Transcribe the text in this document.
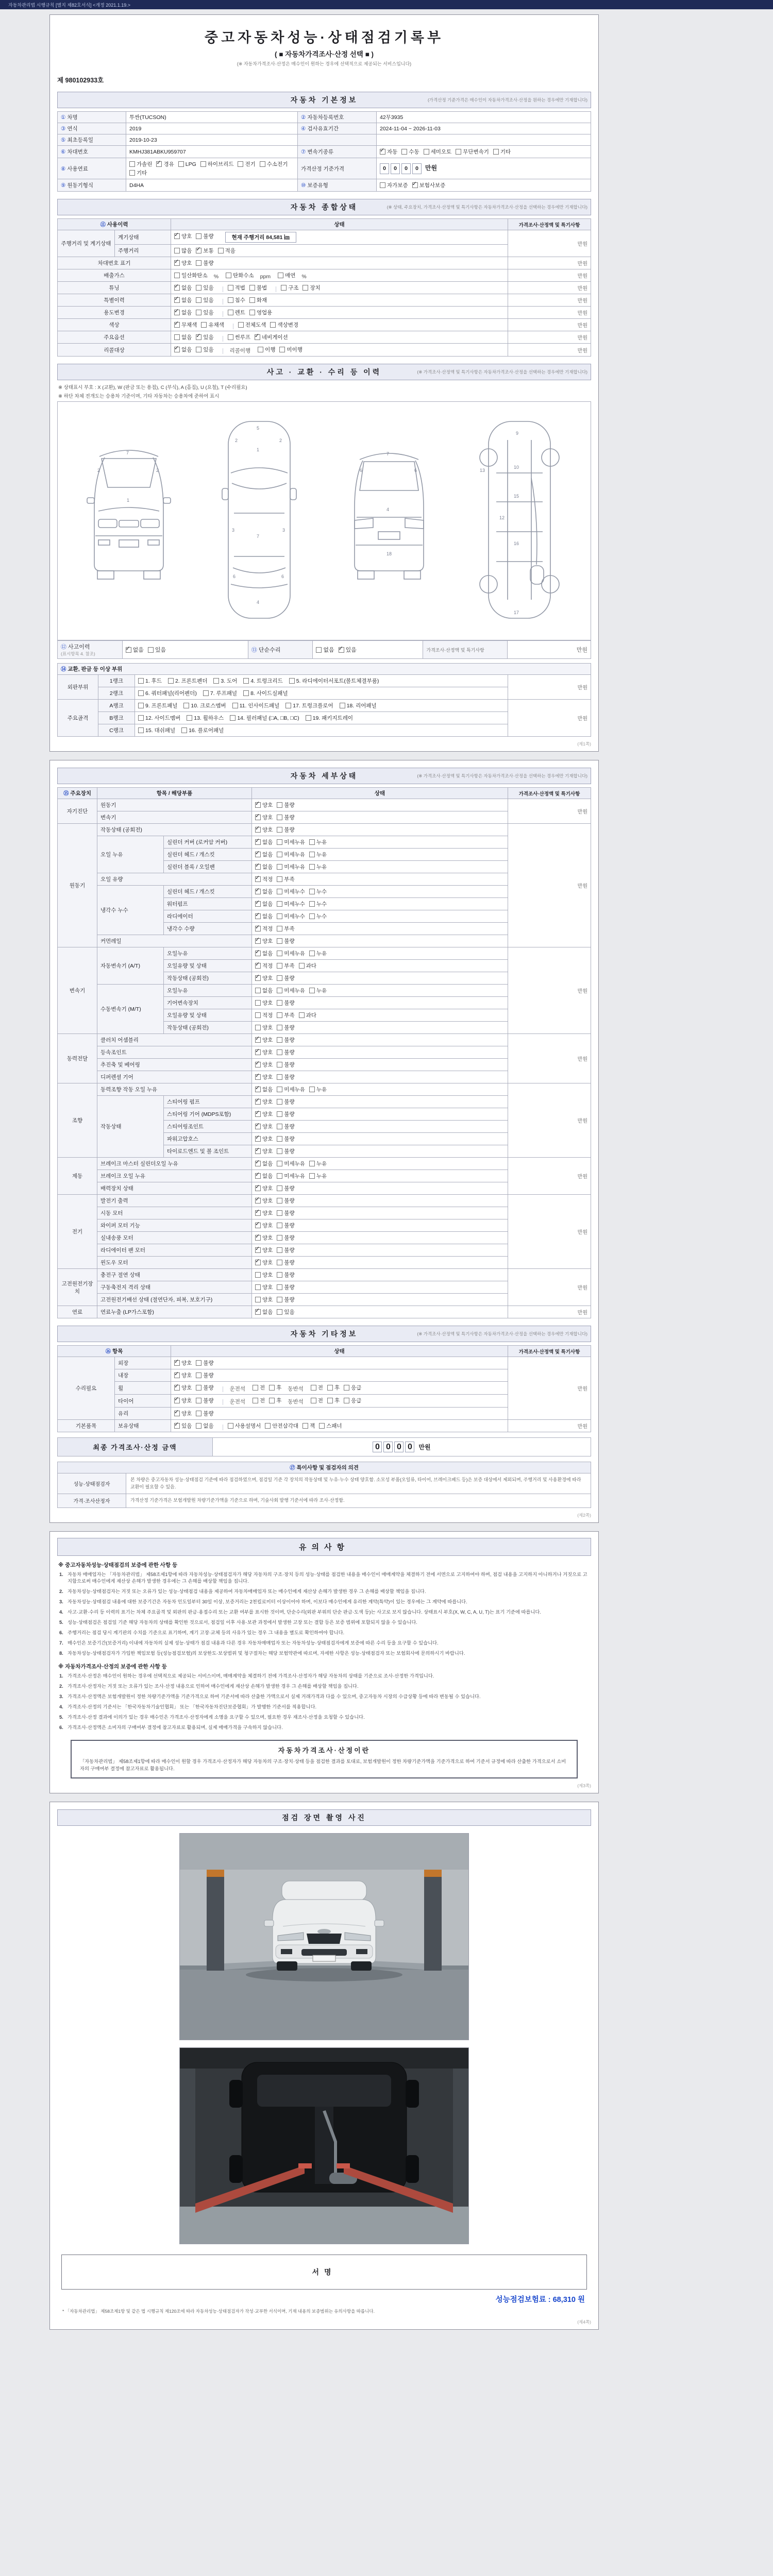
자동차관리법 시행규칙 [별지 제82호서식] <개정 2021.1.19.>
중고자동차성능·상태점검기록부
( ■ 자동차가격조사·산정 선택 ■ )
(※ 자동차가격조사·산정은 매수인이 원하는 경우에 선택적으로 제공되는 서비스입니다)
제 980102933호
자동차 기본정보	(가격산정 기준가격은 매수인이 자동차가격조사·산정을 원하는 경우에만 기재합니다)
① 차명	투싼(TUCSON)	② 자동차등록번호	42무3935
③ 연식	2019	④ 검사유효기간	2024-11-04 ~ 2026-11-03
⑤ 최초등록일	2019-10-23		
⑥ 차대번호	KMHJ381ABKU959707	⑦ 변속기종류	
✓자동 수동 세미오토 무단변속기 기타

⑧ 사용연료	
가솔린 ✓ 경유 LPG 하이브리드 전기 수소전기
기타
	가격산정 기준가격	0	0	0	0	만원
⑨ 원동기형식	D4HA	⑩ 보증유형	자가보증 ✓ 보험사보증
자동차 종합상태	(※ 상태, 주요장치, 가격조사·산정액 및 특기사항은 자동차가격조사·산정을 선택하는 경우에만 기재합니다)
⑪ 사용이력		상태	가격조사·산정액 및 특기사항
주행거리 및 계기상태	계기상태	
✓양호 불량 현재 주행거리 84,581 ㎞	만원
	주행거리	많음 ✓ 보통 적음

차대번호 표기	
✓양호 불량	만원
배출가스	일산화탄소 %	탄화수소 ppm	매연 %	만원
튜닝	
✓없음 있음	적법 불법	구조 장치	만원
특별이력	
✓없음 있음 침수 화재	만원
용도변경	
✓없음 있음 렌트 영업용	만원
색상	
✓무채색 유채색 전체도색 색상변경	만원
주요옵션		없음 ✓ 있음 썬루프 ✓ 네비게이션	만원
리콜대상	
✓없음 있음 리콜이행 이행 미이행	만원
사고 · 교환 · 수리 등 이력	(※ 가격조사·산정액 및 특기사항은 자동차가격조사·산정을 선택하는 경우에만 기재합니다)
※ 상태표시 부호 : X (교환), W (판금 또는 용접), C (부식), A (흠집), U (요철), T (수리필요)
※ 하단 차체 전개도는 승용차 기준이며, 기타 자동차는 승용차에 준하여 표시
1
2	2
7
1
2	2
3	3
6	6
7
4
5
4
6	6
7
18
9
10
15
16
12
13
17
⑫ 사고이력
(표시항목 4. 참조)

✓
없음 있음	⑬ 단순수리	없음 ✓ 있음	가격조사·산정액 및 특기사항	만원
⑭ 교환, 판금 등 이상 부위			
외판부위	1랭크	1. 후드 2. 프론트펜더 3. 도어 4. 트렁크리드 5. 라디에이터서포트(볼트체결부품)	만원
	2랭크	6. 쿼터패널(리어펜더) 7. 루프패널 8. 사이드실패널	

주요골격	A랭크	9. 프론트패널 10. 크로스멤버 11. 인사이드패널 17. 트렁크플로어 18. 리어패널	만원
	B랭크	12. 사이드멤버 13. 휠하우스 14. 필러패널 (□A, □B, □C) 19. 패키지트레이	

	C랭크	15. 대쉬패널 16. 플로어패널	
(제1쪽)
자동차 세부상태	(※ 가격조사·산정액 및 특기사항은 자동차가격조사·산정을 선택하는 경우에만 기재합니다)
⑮ 주요장치	항목 / 해당부품		상태	가격조사·산정액 및 특기사항
자기진단	원동기	
✓양호 불량	만원
	변속기	
✓양호 불량

원동기	작동상태 (공회전)	
✓양호 불량	만원
	오일 누유	실린더 커버 (로커암 커버)	
✓없음 미세누유 누유

		실린더 헤드 / 개스킷	
✓없음 미세누유 누유

		실린더 블록 / 오일팬	
✓없음 미세누유 누유

	오일 유량	
✓적정 부족

	냉각수 누수	실린더 헤드 / 개스킷	
✓없음 미세누수 누수

		워터펌프	
✓없음 미세누수 누수

		라디에이터	
✓없음 미세누수 누수

		냉각수 수량	
✓적정 부족

	커먼레일	
✓양호 불량

변속기	자동변속기 (A/T)	오일누유	
✓없음 미세누유 누유	만원
		오일유량 및 상태	
✓적정 부족 과다

		작동상태 (공회전)	
✓양호 불량

	수동변속기 (M/T)	오일누유	없음 미세누유 누유	

		기어변속장치	양호 불량	

		오일유량 및 상태	적정 부족 과다	

		작동상태 (공회전)	양호 불량	

동력전달	클러치 어셈블리	
✓양호 불량	만원
	등속조인트	
✓양호 불량

	추진축 및 베어링	
✓양호 불량

	디퍼렌셜 기어	
✓양호 불량

조향	동력조향 작동 오일 누유	
✓없음 미세누유 누유	만원
	작동상태	스티어링 펌프	
✓양호 불량

		스티어링 기어 (MDPS포함)	
✓양호 불량

		스티어링조인트	
✓양호 불량

		파워고압호스	
✓양호 불량

		타이로드엔드 및 볼 조인트	
✓양호 불량

제동	브레이크 마스터 실린더오일 누유	
✓없음 미세누유 누유	만원
	브레이크 오일 누유	
✓없음 미세누유 누유

	배력장치 상태	
✓양호 불량

전기	발전기 출력	
✓양호 불량	만원
	시동 모터	
✓양호 불량

	와이퍼 모터 기능	
✓양호 불량

	실내송풍 모터	
✓양호 불량

	라디에이터 팬 모터	
✓양호 불량

	윈도우 모터	
✓양호 불량

고전원전기장치	충전구 절연 상태		양호 불량	만원
	구동축전지 격리 상태		양호 불량	

	고전원전기배선 상태 (절연단자, 피복, 보호기구)		양호 불량	

연료	연료누출 (LP가스포함)	
✓없음 있음	만원
자동차 기타정보	(※ 가격조사·산정액 및 특기사항은 자동차가격조사·산정을 선택하는 경우에만 기재합니다)
⑯ 항목		상태	가격조사·산정액 및 특기사항
수리필요	외장	
✓양호 불량	만원
	내장	
✓양호 불량

휠	
✓양호 불량	운전석	전 후 동반석	전 후 응급

타이어	
✓양호 불량	운전석	전 후 동반석	전 후 응급

	유리	
✓양호 불량

기본품목	보유상태	
✓있음 없음	사용설명서 안전삼각대 잭 스패너	만원
최종 가격조사·산정 금액	0 0 0 0	만원
⑰ 특이사항 및 점검자의 의견	
성능·상태점검자	본 차량은 중고자동차 성능·상태점검 기준에 따라 점검하였으며, 점검일 기준 각 장치의 작동상태 및 누유·누수 상태 양호함. 소모성 부품(오일류, 타이어, 브레이크패드 등)은 보증 대상에서 제외되며, 주행거리 및 사용환경에 따라 교환이 필요할 수 있음.
가격·조사산정자	가격산정 기준가격은 보험개발원 차량기준가액을 기준으로 하며, 기술사회 발행 기준서에 따라 조사·산정함.
(제2쪽)
유의사항
※ 중고자동차성능·상태점검의 보증에 관한 사항 등
1. 자동차 매매업자는 「자동차관리법」 제58조제1항에 따라 자동차성능·상태점검자가 해당 자동차의 구조·장치 등의 성능·상태를 점검한 내용을 매수인이 매매계약을 체결하기 전에 서면으로 고지하여야 하며, 점검 내용을 고지하지 아니하거나 거짓으로 고지함으로써 매수인에게 재산상 손해가 발생한 경우에는 그 손해를 배상할 책임을 집니다.
2. 자동차성능·상태점검자는 거짓 또는 오류가 있는 성능·상태점검 내용을 제공하여 자동차매매업자 또는 매수인에게 재산상 손해가 발생한 경우 그 손해를 배상할 책임을 집니다.
3. 자동차성능·상태점검 내용에 대한 보증기간은 자동차 인도일부터 30일 이상, 보증거리는 2천킬로미터 이상이어야 하며, 이보다 매수인에게 유리한 계약(특약)이 있는 경우에는 그 계약에 따릅니다.
4. 사고·교환·수리 등 이력의 표기는 차체 주요골격 및 외판의 판금·용접수리 또는 교환 여부를 표시한 것이며, 단순수리(외판 부위의 단순 판금·도색 등)는 사고로 보지 않습니다. 상태표시 부호(X, W, C, A, U, T)는 표기 기준에 따릅니다.
5. 성능·상태점검은 점검일 기준 해당 자동차의 상태를 확인한 것으로서, 점검일 이후 사용·보관 과정에서 발생한 고장 또는 결함 등은 보증 범위에 포함되지 않을 수 있습니다.
6. 주행거리는 점검 당시 계기판의 수치를 기준으로 표기하며, 계기 고장·교체 등의 사유가 있는 경우 그 내용을 별도로 확인하여야 합니다.
7. 매수인은 보증기간(보증거리) 이내에 자동차의 실제 성능·상태가 점검 내용과 다른 경우 자동차매매업자 또는 자동차성능·상태점검자에게 보증에 따른 수리 등을 요구할 수 있습니다.
8. 자동차성능·상태점검자가 가입한 책임보험 등(성능점검보험)의 보상한도·보상범위 및 청구절차는 해당 보험약관에 따르며, 자세한 사항은 성능·상태점검자 또는 보험회사에 문의하시기 바랍니다.
※ 자동차가격조사·산정의 보증에 관한 사항 등
1. 가격조사·산정은 매수인이 원하는 경우에 선택적으로 제공되는 서비스이며, 매매계약을 체결하기 전에 가격조사·산정자가 해당 자동차의 상태를 기준으로 조사·산정한 가격입니다.
2. 가격조사·산정자는 거짓 또는 오류가 있는 조사·산정 내용으로 인하여 매수인에게 재산상 손해가 발생한 경우 그 손해를 배상할 책임을 집니다.
3. 가격조사·산정액은 보험개발원이 정한 차량기준가액을 기준가격으로 하여 기준서에 따라 산출한 가액으로서 실제 거래가격과 다를 수 있으며, 중고자동차 시장의 수급상황 등에 따라 변동될 수 있습니다.
4. 가격조사·산정의 기준서는 「한국자동차기술인협회」 또는 「한국자동차진단보증협회」가 발행한 기준서를 적용합니다.
5. 가격조사·산정 결과에 이의가 있는 경우 매수인은 가격조사·산정자에게 소명을 요구할 수 있으며, 필요한 경우 재조사·산정을 요청할 수 있습니다.
6. 가격조사·산정액은 소비자의 구매여부 결정에 참고자료로 활용되며, 실제 매매가격을 구속하지 않습니다.
자동차가격조사·산정이란
「자동차관리법」 제58조제1항에 따라 매수인이 원할 경우 가격조사·산정자가 해당 자동차의 구조·장치·상태 등을 점검한 결과를 토대로, 보험개발원이 정한 차량기준가액을 기준가격으로 하여 기준서 규정에 따라 산출한 가격으로서 소비자의 구매여부 결정에 참고자료로 활용됩니다.
(제3쪽)
점검 장면 촬영 사진
서명
성능점검보험료 : 68,310 원
* 「자동차관리법」 제58조제1항 및 같은 법 시행규칙 제120조에 따라 자동차성능·상태점검자가 작성·교부한 서식이며, 기재 내용의 보증범위는 유의사항을 따릅니다.
(제4쪽)
